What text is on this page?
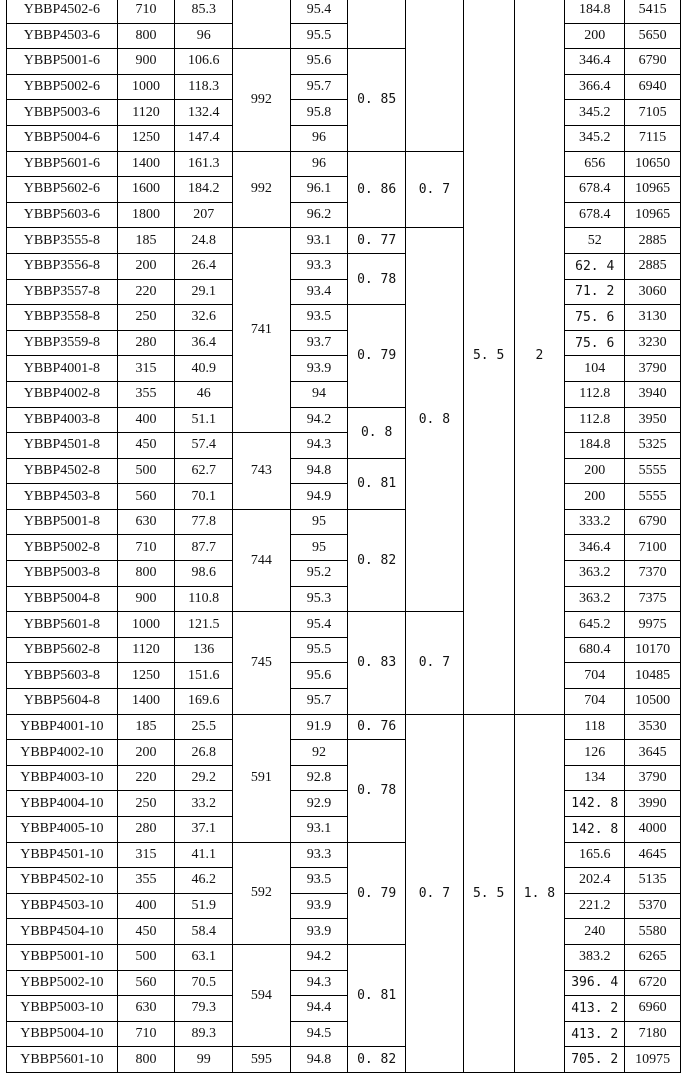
YBBP4502-6	710	85.3		95.4			5. 5	2	184.8	5415
YBBP4503-6	800	96		95.5					200	5650
YBBP5001-6	900	106.6	992	95.6	0. 85				346.4	6790
YBBP5002-6	1000	118.3		95.7					366.4	6940
YBBP5003-6	1120	132.4		95.8					345.2	7105
YBBP5004-6	1250	147.4		96					345.2	7115
YBBP5601-6	1400	161.3	992	96	0. 86	0. 7			656	10650
YBBP5602-6	1600	184.2		96.1					678.4	10965
YBBP5603-6	1800	207		96.2					678.4	10965
YBBP3555-8	185	24.8	741	93.1	0. 77	0. 8			52	2885
YBBP3556-8	200	26.4		93.3	0. 78				62. 4	2885
YBBP3557-8	220	29.1		93.4					71. 2	3060
YBBP3558-8	250	32.6		93.5	0. 79				75. 6	3130
YBBP3559-8	280	36.4		93.7					75. 6	3230
YBBP4001-8	315	40.9		93.9					104	3790
YBBP4002-8	355	46		94					112.8	3940
YBBP4003-8	400	51.1		94.2	0. 8				112.8	3950
YBBP4501-8	450	57.4	743	94.3					184.8	5325
YBBP4502-8	500	62.7		94.8	0. 81				200	5555
YBBP4503-8	560	70.1		94.9					200	5555
YBBP5001-8	630	77.8	744	95	0. 82				333.2	6790
YBBP5002-8	710	87.7		95					346.4	7100
YBBP5003-8	800	98.6		95.2					363.2	7370
YBBP5004-8	900	110.8		95.3					363.2	7375
YBBP5601-8	1000	121.5	745	95.4	0. 83	0. 7			645.2	9975
YBBP5602-8	1120	136		95.5					680.4	10170
YBBP5603-8	1250	151.6		95.6					704	10485
YBBP5604-8	1400	169.6		95.7					704	10500
YBBP4001-10	185	25.5	591	91.9	0. 76	0. 7	5. 5	1. 8	118	3530
YBBP4002-10	200	26.8		92	0. 78				126	3645
YBBP4003-10	220	29.2		92.8					134	3790
YBBP4004-10	250	33.2		92.9					142. 8	3990
YBBP4005-10	280	37.1		93.1					142. 8	4000
YBBP4501-10	315	41.1	592	93.3	0. 79				165.6	4645
YBBP4502-10	355	46.2		93.5					202.4	5135
YBBP4503-10	400	51.9		93.9					221.2	5370
YBBP4504-10	450	58.4		93.9					240	5580
YBBP5001-10	500	63.1	594	94.2	0. 81				383.2	6265
YBBP5002-10	560	70.5		94.3					396. 4	6720
YBBP5003-10	630	79.3		94.4					413. 2	6960
YBBP5004-10	710	89.3		94.5					413. 2	7180
YBBP5601-10	800	99	595	94.8	0. 82				705. 2	10975
